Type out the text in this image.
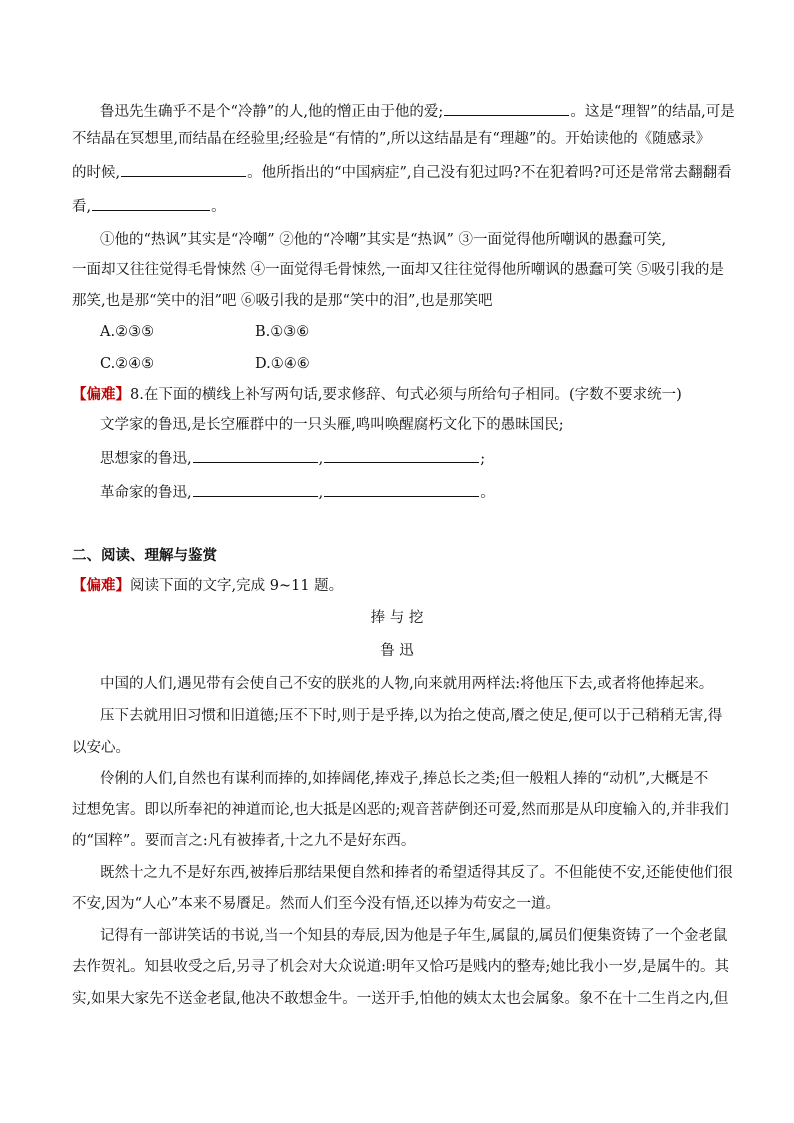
鲁迅先生确乎不是个“冷静”的人,他的憎正由于他的爱;	。这是“理智”的结晶,可是
不结晶在冥想里,而结晶在经验里;经验是“有情的”,所以这结晶是有“理趣”的。开始读他的《随感录》
的时候,	。他所指出的“中国病症”,自己没有犯过吗?不在犯着吗?可还是常常去翻翻看
看,	。
①他的“热讽”其实是“冷嘲” ②他的“冷嘲”其实是“热讽” ③一面觉得他所嘲讽的愚蠢可笑,
一面却又往往觉得毛骨悚然 ④一面觉得毛骨悚然,一面却又往往觉得他所嘲讽的愚蠢可笑 ⑤吸引我的是
那笑,也是那“笑中的泪”吧 ⑥吸引我的是那“笑中的泪”,也是那笑吧
A.②③⑤	B.①③⑥
C.②④⑤	D.①④⑥
【偏难】8.在下面的横线上补写两句话,要求修辞、句式必须与所给句子相同。(字数不要求统一)
文学家的鲁迅,是长空雁群中的一只头雁,鸣叫唤醒腐朽文化下的愚昧国民;
思想家的鲁迅,	,	;
革命家的鲁迅,	,	。
二、阅读、理解与鉴赏
【偏难】阅读下面的文字,完成 9~11 题。
捧 与 挖
鲁 迅
中国的人们,遇见带有会使自己不安的朕兆的人物,向来就用两样法:将他压下去,或者将他捧起来。
压下去就用旧习惯和旧道德;压不下时,则于是乎捧,以为抬之使高,餍之使足,便可以于己稍稍无害,得
以安心。
伶俐的人们,自然也有谋利而捧的,如捧阔佬,捧戏子,捧总长之类;但一般粗人捧的“动机”,大概是不
过想免害。即以所奉祀的神道而论,也大抵是凶恶的;观音菩萨倒还可爱,然而那是从印度输入的,并非我们
的“国粹”。要而言之:凡有被捧者,十之九不是好东西。
既然十之九不是好东西,被捧后那结果便自然和捧者的希望适得其反了。不但能使不安,还能使他们很
不安,因为“人心”本来不易餍足。然而人们至今没有悟,还以捧为苟安之一道。
记得有一部讲笑话的书说,当一个知县的寿辰,因为他是子年生,属鼠的,属员们便集资铸了一个金老鼠
去作贺礼。知县收受之后,另寻了机会对大众说道:明年又恰巧是贱内的整寿;她比我小一岁,是属牛的。其
实,如果大家先不送金老鼠,他决不敢想金牛。一送开手,怕他的姨太太也会属象。象不在十二生肖之内,但
